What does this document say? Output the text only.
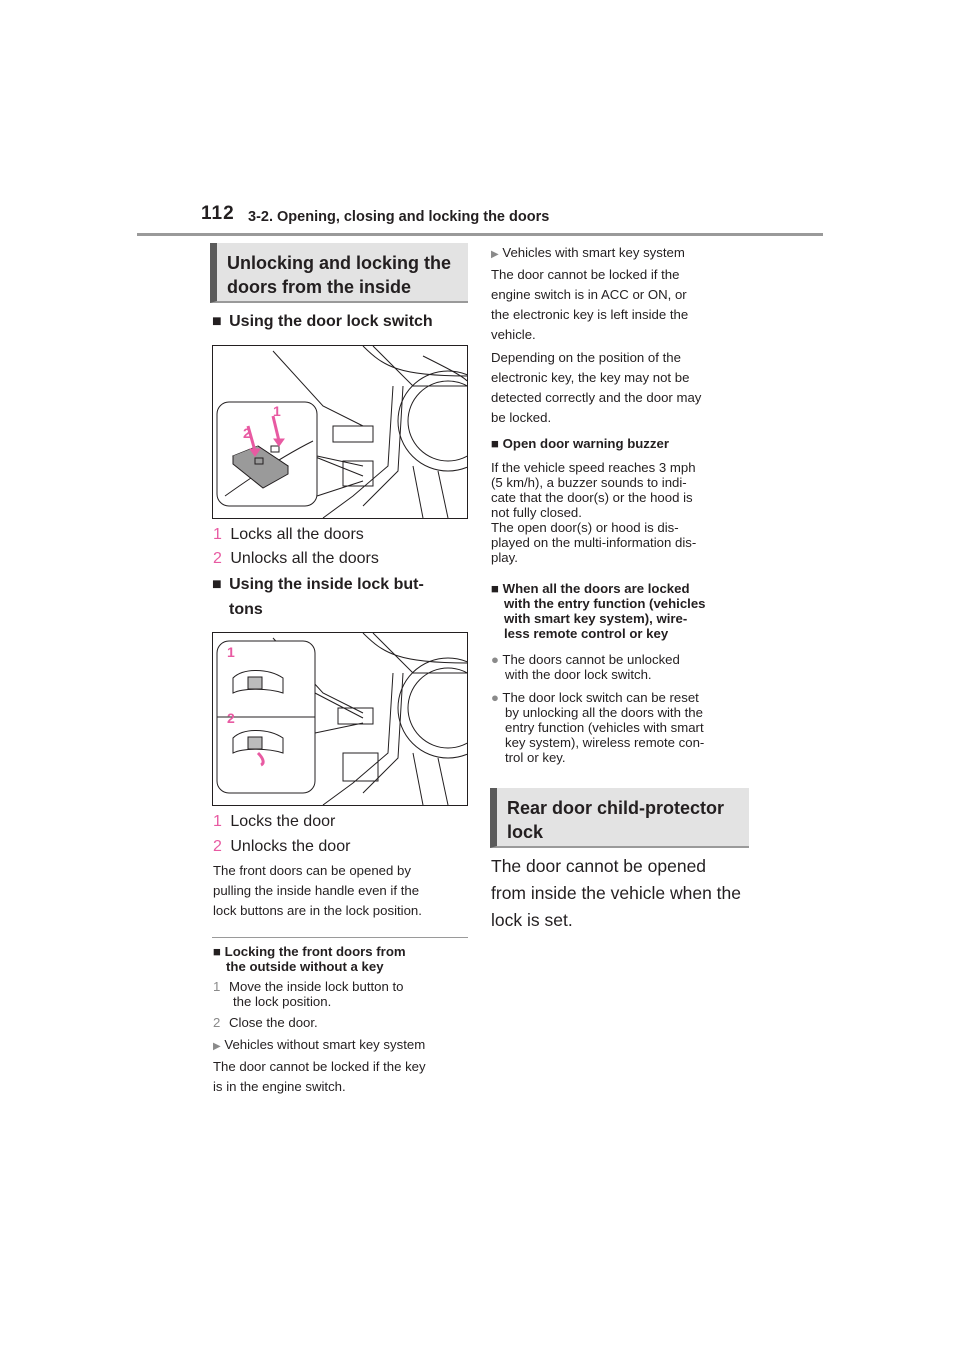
112 3-2. Opening, closing and locking the doors
Unlocking and locking the
doors from the inside
■ Using the door lock switch
2
1
1 Locks all the doors
2 Unlocks all the doors
■ Using the inside lock but-
tons
1
2
1 Locks the door
2 Unlocks the door
The front doors can be opened by
pulling the inside handle even if the
lock buttons are in the lock position.
■ Locking the front doors from
the outside without a key
1 Move the inside lock button to
the lock position.
2 Close the door.
▶ Vehicles without smart key system
The door cannot be locked if the key
is in the engine switch.
▶ Vehicles with smart key system
The door cannot be locked if the
engine switch is in ACC or ON, or
the electronic key is left inside the
vehicle.
Depending on the position of the
electronic key, the key may not be
detected correctly and the door may
be locked.
■ Open door warning buzzer
If the vehicle speed reaches 3 mph
(5 km/h), a buzzer sounds to indi-
cate that the door(s) or the hood is
not fully closed.
The open door(s) or hood is dis-
played on the multi-information dis-
play.
■ When all the doors are locked
with the entry function (vehicles
with smart key system), wire-
less remote control or key
● The doors cannot be unlocked
with the door lock switch.
● The door lock switch can be reset
by unlocking all the doors with the
entry function (vehicles with smart
key system), wireless remote con-
trol or key.
Rear door child-protector
lock
The door cannot be opened
from inside the vehicle when the
lock is set.
